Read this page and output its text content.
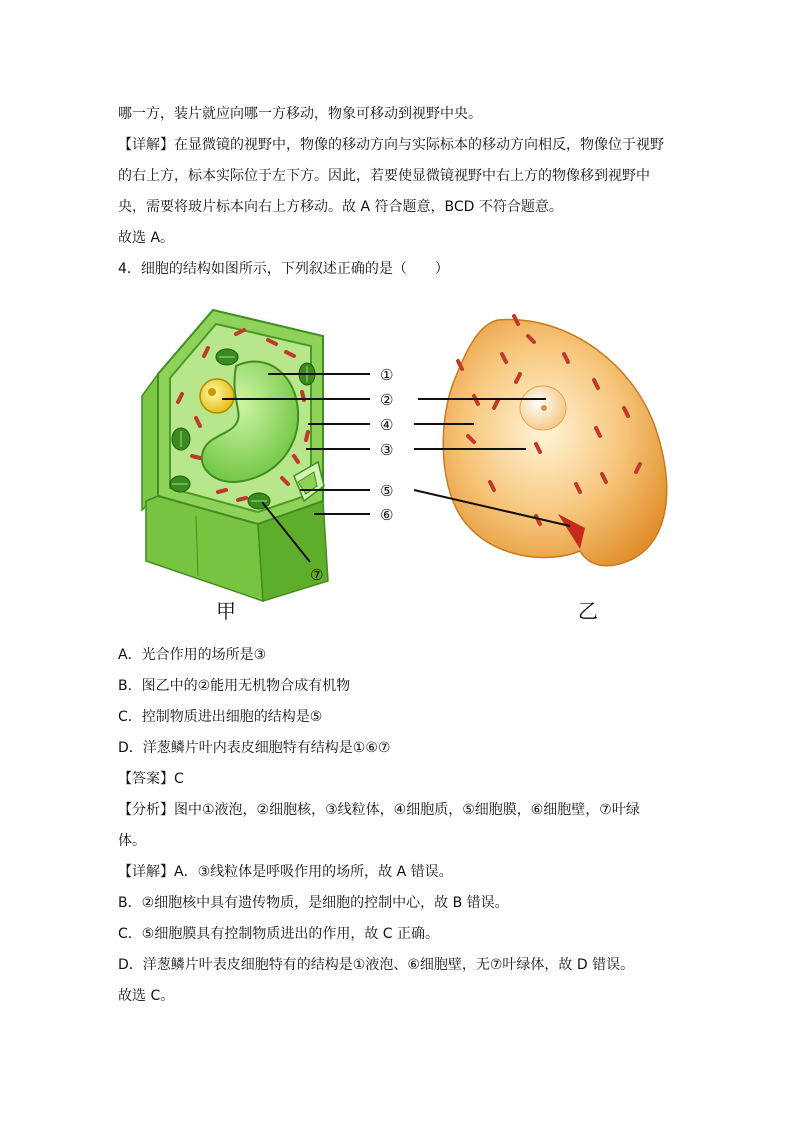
哪一方，装片就应向哪一方移动，物象可移动到视野中央。
【详解】在显微镜的视野中，物像的移动方向与实际标本的移动方向相反，物像位于视野
的右上方，标本实际位于左下方。因此，若要使显微镜视野中右上方的物像移到视野中
央，需要将玻片标本向右上方移动。故 A 符合题意，BCD 不符合题意。
故选 A。
4．细胞的结构如图所示，下列叙述正确的是（　　）
①
②
④
③
⑤
⑥
⑦
甲	乙
A．光合作用的场所是③
B．图乙中的②能用无机物合成有机物
C．控制物质进出细胞的结构是⑤
D．洋葱鳞片叶内表皮细胞特有结构是①⑥⑦
【答案】C
【分析】图中①液泡，②细胞核，③线粒体，④细胞质，⑤细胞膜，⑥细胞壁，⑦叶绿
体。
【详解】A．③线粒体是呼吸作用的场所，故 A 错误。
B．②细胞核中具有遗传物质，是细胞的控制中心，故 B 错误。
C．⑤细胞膜具有控制物质进出的作用，故 C 正确。
D．洋葱鳞片叶表皮细胞特有的结构是①液泡、⑥细胞壁，无⑦叶绿体，故 D 错误。
故选 C。
